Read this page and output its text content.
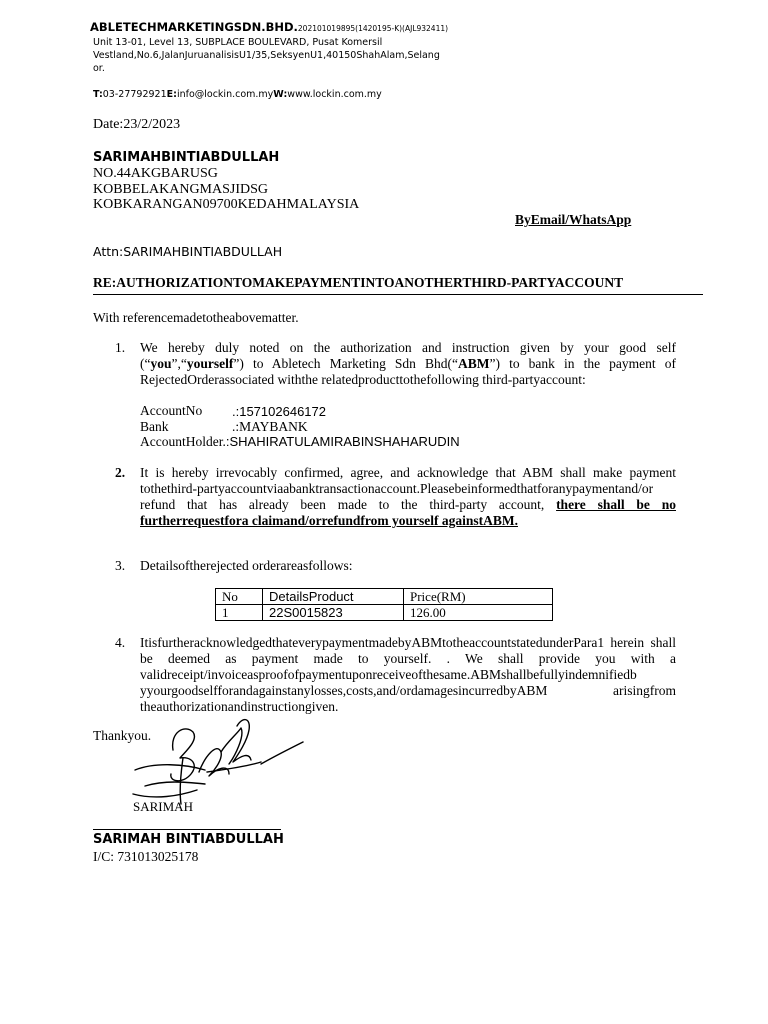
ABLETECHMARKETINGSDN.BHD.202101019895(1420195-K)(AJL932411)
Unit 13-01, Level 13, SUBPLACE BOULEVARD, Pusat Komersil
Vestland,No.6,JalanJuruanalisisU1/35,SeksyenU1,40150ShahAlam,Selang
or.
T:03-27792921E:info@lockin.com.myW:www.lockin.com.my
Date:23/2/2023
SARIMAHBINTIABDULLAH
NO.44AKGBARUSG
KOBBELAKANGMASJIDSG
KOBKARANGAN09700KEDAHMALAYSIA
ByEmail/WhatsApp
Attn:SARIMAHBINTIABDULLAH
RE:AUTHORIZATIONTOMAKEPAYMENTINTOANOTHERTHIRD-PARTYACCOUNT
With referencemadetotheabovematter.
1. We hereby duly noted on the authorization and instruction given by your good self (“you”,“yourself”) to Abletech Marketing Sdn Bhd(“ABM”) to bank in the payment of RejectedOrderassociated withthe relatedproducttothefollowing third-partyaccount:
AccountNo	.:157102646172
Bank	.:MAYBANK
AccountHolder.:SHAHIRATULAMIRABINSHAHARUDIN
2. It is hereby irrevocably confirmed, agree, and acknowledge that ABM shall make payment tothethird-partyaccountviaabanktransactionaccount.Pleasebeinformedthatforanypaymentand/or refund that has already been made to the third-party account, there shall be no furtherrequestfora claimand/orrefundfrom yourself againstABM.
3. Detailsoftherejected orderareasfollows:
No	DetailsProduct	Price(RM)
1	22S0015823	126.00
4. ItisfurtheracknowledgedthateverypaymentmadebyABMtotheaccountstatedunderPara1 herein shall be deemed as payment made to yourself. . We shall provide you with a validreceipt/invoiceasproofofpaymentuponreceiveofthesame.ABMshallbefullyindemnifiedb yyourgoodselfforandagainstanylosses,costs,and/ordamagesincurredbyABM arisingfrom theauthorizationandinstructiongiven.
Thankyou.
SARIMAH
SARIMAH BINTIABDULLAH
I/C: 731013025178
